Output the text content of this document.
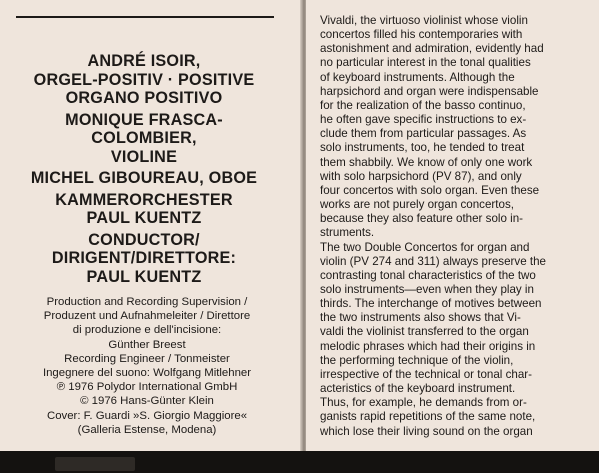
ANDRÉ ISOIR,
ORGEL-POSITIV · POSITIVE
ORGANO POSITIVO
MONIQUE FRASCA-COLOMBIER,
VIOLINE
MICHEL GIBOUREAU, OBOE
KAMMERORCHESTER
PAUL KUENTZ
CONDUCTOR/
DIRIGENT/DIRETTORE:
PAUL KUENTZ
Production and Recording Supervision /
Produzent und Aufnahmeleiter / Direttore
di produzione e dell'incisione:
Günther Breest
Recording Engineer / Tonmeister
Ingegnere del suono: Wolfgang Mitlehner
℗ 1976 Polydor International GmbH
© 1976 Hans-Günter Klein
Cover: F. Guardi »S. Giorgio Maggiore«
(Galleria Estense, Modena)
Vivaldi, the virtuoso violinist whose violin
concertos filled his contemporaries with
astonishment and admiration, evidently had
no particular interest in the tonal qualities
of keyboard instruments. Although the
harpsichord and organ were indispensable
for the realization of the basso continuo,
he often gave specific instructions to ex-
clude them from particular passages. As
solo instruments, too, he tended to treat
them shabbily. We know of only one work
with solo harpsichord (PV 87), and only
four concertos with solo organ. Even these
works are not purely organ concertos,
because they also feature other solo in-
struments.
The two Double Concertos for organ and
violin (PV 274 and 311) always preserve the
contrasting tonal characteristics of the two
solo instruments—even when they play in
thirds. The interchange of motives between
the two instruments also shows that Vi-
valdi the violinist transferred to the organ
melodic phrases which had their origins in
the performing technique of the violin,
irrespective of the technical or tonal char-
acteristics of the keyboard instrument.
Thus, for example, he demands from or-
ganists rapid repetitions of the same note,
which lose their living sound on the organ
